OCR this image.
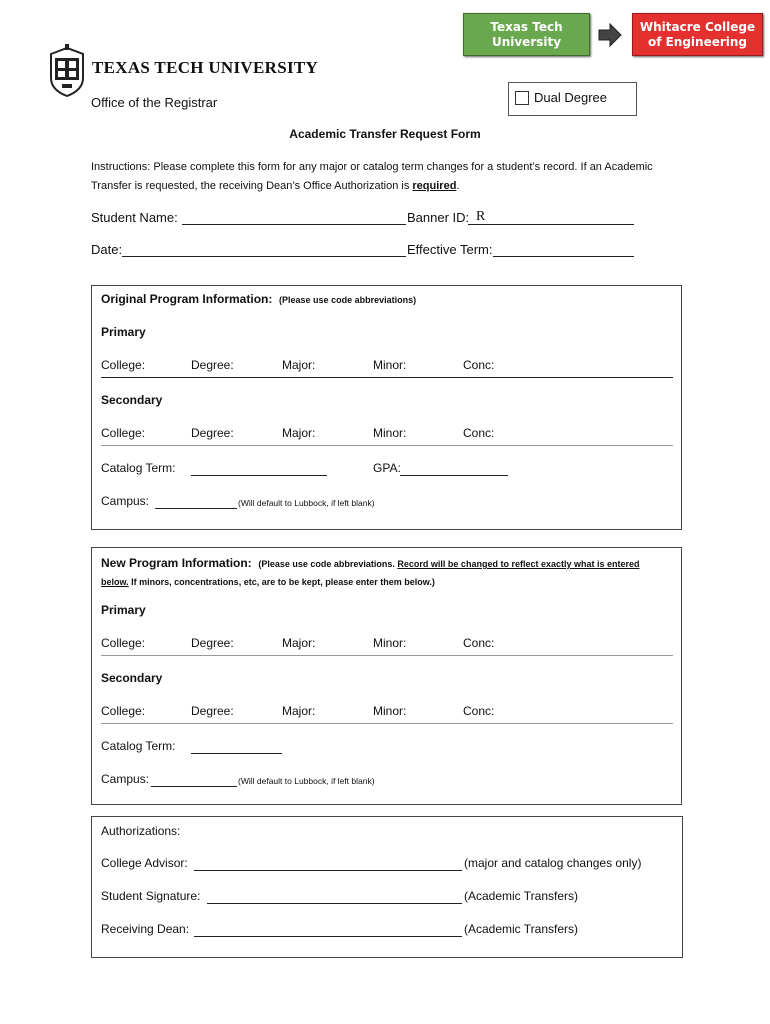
Texas Tech University
Whitacre College of Engineering
TEXAS TECH UNIVERSITY
Office of the Registrar	Dual Degree
Academic Transfer Request Form
Instructions: Please complete this form for any major or catalog term changes for a student’s record. If an Academic Transfer is requested, the receiving Dean’s Office Authorization is required.
Student Name:	Banner ID: R
Date:	Effective Term:
Original Program Information: (Please use code abbreviations)
Primary
College:	Degree:	Major:	Minor:	Conc:
Secondary
College:	Degree:	Major:	Minor:	Conc:
Catalog Term:	GPA:
Campus:	(Will default to Lubbock, if left blank)
New Program Information: (Please use code abbreviations. Record will be changed to reflect exactly what is entered below. If minors, concentrations, etc, are to be kept, please enter them below.)
Primary
College:	Degree:	Major:	Minor:	Conc:
Secondary
College:	Degree:	Major:	Minor:	Conc:
Catalog Term:
Campus:	(Will default to Lubbock, if left blank)
Authorizations:
College Advisor:	(major and catalog changes only)
Student Signature:	(Academic Transfers)
Receiving Dean:	(Academic Transfers)
